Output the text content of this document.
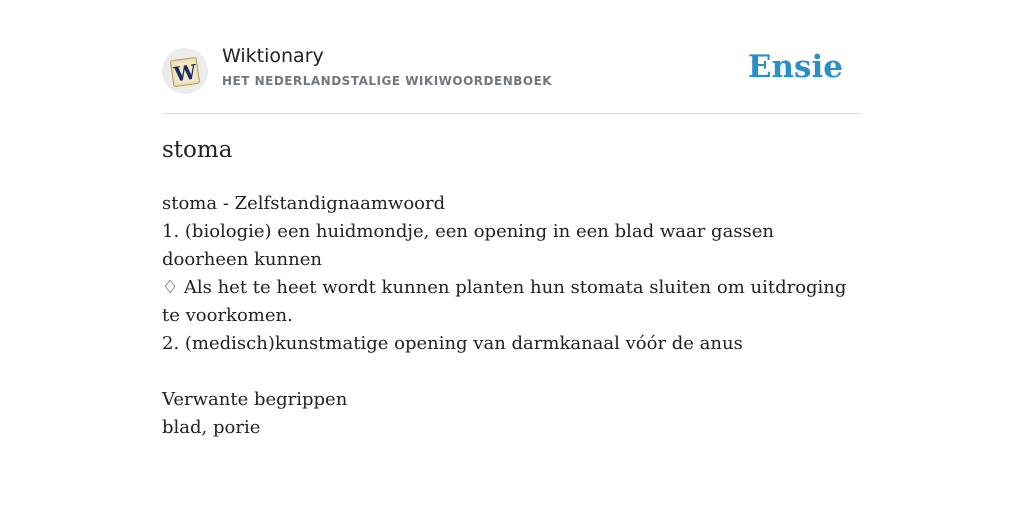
W
Wiktionary
HET NEDERLANDSTALIGE WIKIWOORDENBOEK	Ensie
stoma
stoma - Zelfstandignaamwoord
1. (biologie) een huidmondje, een opening in een blad waar gassen doorheen kunnen
♢ Als het te heet wordt kunnen planten hun stomata sluiten om uitdroging te voorkomen.
2. (medisch)kunstmatige opening van darmkanaal vóór de anus
Verwante begrippen
blad, porie
